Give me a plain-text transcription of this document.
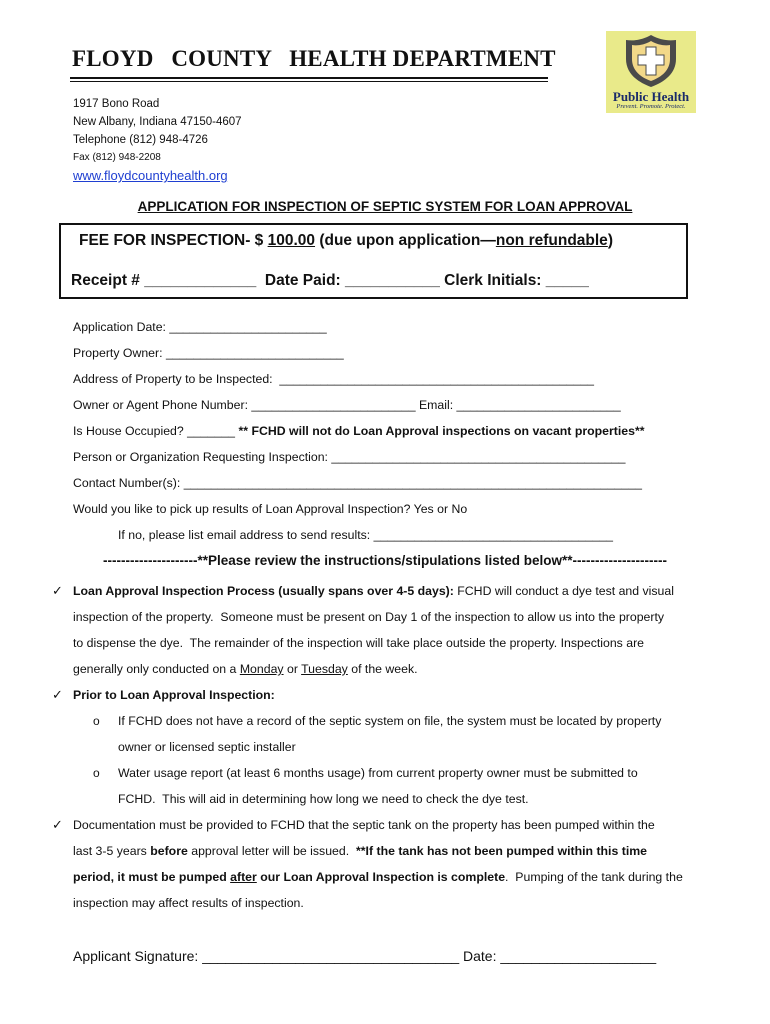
FLOYD   COUNTY   HEALTH DEPARTMENT
1917 Bono Road
New Albany, Indiana 47150-4607
Telephone (812) 948-4726
Fax (812) 948-2208
www.floydcountyhealth.org
Public Health
Prevent. Promote. Protect.
APPLICATION FOR INSPECTION OF SEPTIC SYSTEM FOR LOAN APPROVAL
FEE FOR INSPECTION- $ 100.00 (due upon application—non refundable)
Receipt # _____________  Date Paid: ___________ Clerk Initials: _____
Application Date: _______________________
Property Owner: __________________________
Address of Property to be Inspected:  ______________________________________________
Owner or Agent Phone Number: ________________________ Email: ________________________
Is House Occupied? _______ ** FCHD will not do Loan Approval inspections on vacant properties**
Person or Organization Requesting Inspection: ___________________________________________
Contact Number(s): ___________________________________________________________________
Would you like to pick up results of Loan Approval Inspection? Yes or No
If no, please list email address to send results: ___________________________________
---------------------**Please review the instructions/stipulations listed below**---------------------
✓ Loan Approval Inspection Process (usually spans over 4-5 days): FCHD will conduct a dye test and visual
inspection of the property.  Someone must be present on Day 1 of the inspection to allow us into the property
to dispense the dye.  The remainder of the inspection will take place outside the property. Inspections are
generally only conducted on a Monday or Tuesday of the week.
✓ Prior to Loan Approval Inspection:
o If FCHD does not have a record of the septic system on file, the system must be located by property
owner or licensed septic installer
o Water usage report (at least 6 months usage) from current property owner must be submitted to
FCHD.  This will aid in determining how long we need to check the dye test.
✓ Documentation must be provided to FCHD that the septic tank on the property has been pumped within the
last 3-5 years before approval letter will be issued.  **If the tank has not been pumped within this time
period, it must be pumped after our Loan Approval Inspection is complete.  Pumping of the tank during the
inspection may affect results of inspection.
Applicant Signature: _________________________________ Date: ____________________
